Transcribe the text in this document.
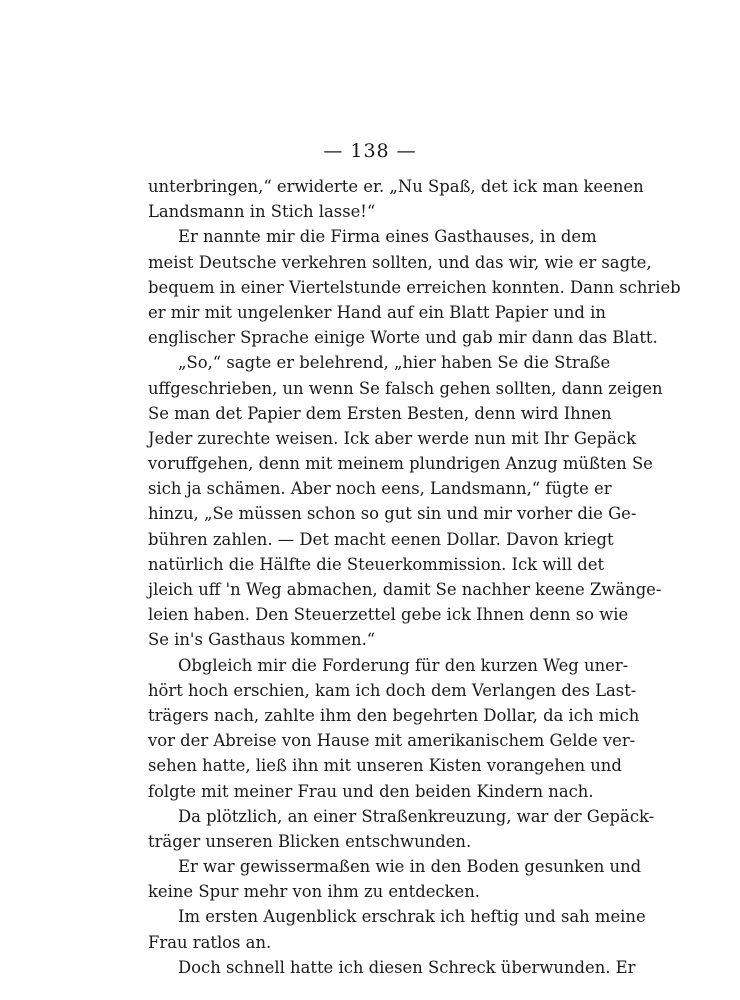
— 138 —
unterbringen,“ erwiderte er. „Nu Spaß, det ick man keenen
Landsmann in Stich lasse!“
Er nannte mir die Firma eines Gasthauses, in dem
meist Deutsche verkehren sollten, und das wir, wie er sagte,
bequem in einer Viertelstunde erreichen konnten. Dann schrieb
er mir mit ungelenker Hand auf ein Blatt Papier und in
englischer Sprache einige Worte und gab mir dann das Blatt.
„So,“ sagte er belehrend, „hier haben Se die Straße
uffgeschrieben, un wenn Se falsch gehen sollten, dann zeigen
Se man det Papier dem Ersten Besten, denn wird Ihnen
Jeder zurechte weisen. Ick aber werde nun mit Ihr Gepäck
voruffgehen, denn mit meinem plundrigen Anzug müßten Se
sich ja schämen. Aber noch eens, Landsmann,“ fügte er
hinzu, „Se müssen schon so gut sin und mir vorher die Ge-
bühren zahlen. — Det macht eenen Dollar. Davon kriegt
natürlich die Hälfte die Steuerkommission. Ick will det
jleich uff 'n Weg abmachen, damit Se nachher keene Zwänge-
leien haben. Den Steuerzettel gebe ick Ihnen denn so wie
Se in's Gasthaus kommen.“
Obgleich mir die Forderung für den kurzen Weg uner-
hört hoch erschien, kam ich doch dem Verlangen des Last-
trägers nach, zahlte ihm den begehrten Dollar, da ich mich
vor der Abreise von Hause mit amerikanischem Gelde ver-
sehen hatte, ließ ihn mit unseren Kisten vorangehen und
folgte mit meiner Frau und den beiden Kindern nach.
Da plötzlich, an einer Straßenkreuzung, war der Gepäck-
träger unseren Blicken entschwunden.
Er war gewissermaßen wie in den Boden gesunken und
keine Spur mehr von ihm zu entdecken.
Im ersten Augenblick erschrak ich heftig und sah meine
Frau ratlos an.
Doch schnell hatte ich diesen Schreck überwunden. Er
